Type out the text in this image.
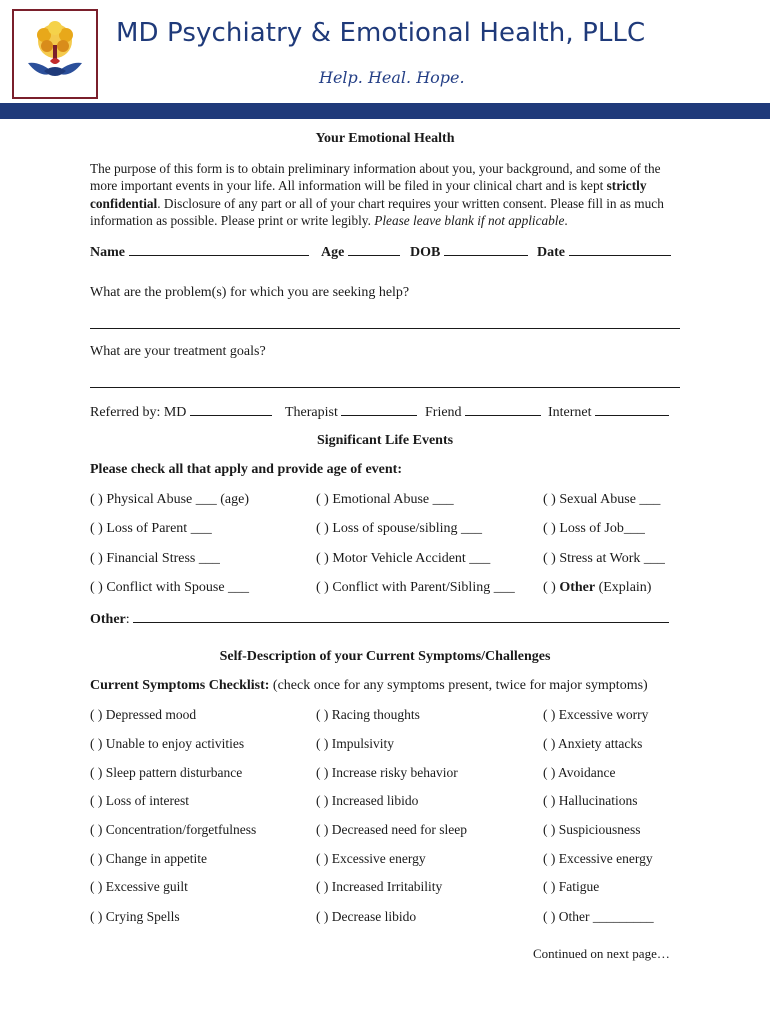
MD Psychiatry & Emotional Health, PLLC
Help. Heal. Hope.
Your Emotional Health
The purpose of this form is to obtain preliminary information about you, your background, and some of the more important events in your life. All information will be filed in your clinical chart and is kept strictly confidential. Disclosure of any part or all of your chart requires your written consent. Please fill in as much information as possible. Please print or write legibly. Please leave blank if not applicable.
Name	Age	DOB	Date
What are the problem(s) for which you are seeking help?
What are your treatment goals?
Referred by: MD	Therapist	Friend	Internet
Significant Life Events
Please check all that apply and provide age of event:
( ) Physical Abuse ___ (age)	( ) Emotional Abuse ___	( ) Sexual Abuse ___
( ) Loss of Parent ___	( ) Loss of spouse/sibling ___	( ) Loss of Job___
( ) Financial Stress ___	( ) Motor Vehicle Accident ___	( ) Stress at Work ___
( ) Conflict with Spouse ___	( ) Conflict with Parent/Sibling ___ ( ) Other (Explain)
Other:
Self-Description of your Current Symptoms/Challenges
Current Symptoms Checklist: (check once for any symptoms present, twice for major symptoms)
( ) Depressed mood	( ) Racing thoughts	( ) Excessive worry
( ) Unable to enjoy activities	( ) Impulsivity	( ) Anxiety attacks
( ) Sleep pattern disturbance	( ) Increase risky behavior	( ) Avoidance
( ) Loss of interest	( ) Increased libido	( ) Hallucinations
( ) Concentration/forgetfulness	( ) Decreased need for sleep	( ) Suspiciousness
( ) Change in appetite	( ) Excessive energy	( ) Excessive energy
( ) Excessive guilt	( ) Increased Irritability	( ) Fatigue
( ) Crying Spells	( ) Decrease libido	( ) Other _________
Continued on next page…
